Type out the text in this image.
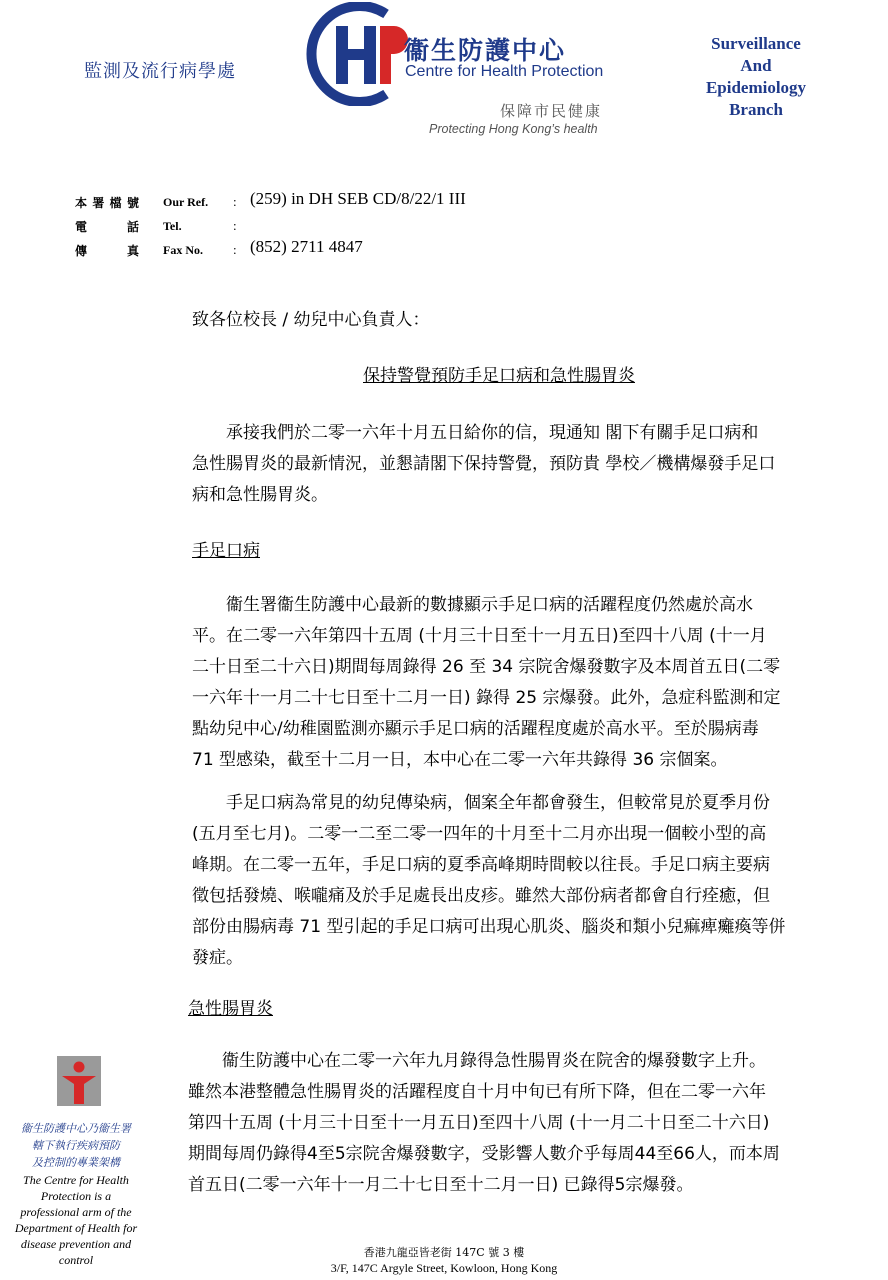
監測及流行病學處
衞生防護中心
Centre for Health Protection
保障市民健康
Protecting Hong Kong’s health
Surveillance
And
Epidemiology
Branch
本 署 檔 號 Our Ref. : (259) in DH SEB CD/8/22/1 III
電	話 Tel.	:
傳	真 Fax No. : (852) 2711 4847
致各位校長 / 幼兒中心負責人：
保持警覺預防手足口病和急性腸胃炎
　　承接我們於二零一六年十月五日給你的信，現通知 閣下有關手足口病和
急性腸胃炎的最新情況，並懇請閣下保持警覺，預防貴 學校／機構爆發手足口
病和急性腸胃炎。
手足口病
　　衞生署衞生防護中心最新的數據顯示手足口病的活躍程度仍然處於高水
平。在二零一六年第四十五周 (十月三十日至十一月五日)至四十八周 (十一月
二十日至二十六日)期間每周錄得 26 至 34 宗院舍爆發數字及本周首五日(二零
一六年十一月二十七日至十二月一日) 錄得 25 宗爆發。此外，急症科監測和定
點幼兒中心/幼稚園監測亦顯示手足口病的活躍程度處於高水平。至於腸病毒
71 型感染，截至十二月一日，本中心在二零一六年共錄得 36 宗個案。
　　手足口病為常見的幼兒傳染病，個案全年都會發生，但較常見於夏季月份
(五月至七月)。二零一二至二零一四年的十月至十二月亦出現一個較小型的高
峰期。在二零一五年，手足口病的夏季高峰期時間較以往長。手足口病主要病
徵包括發燒、喉嚨痛及於手足處長出皮疹。雖然大部份病者都會自行痊癒，但
部份由腸病毒 71 型引起的手足口病可出現心肌炎、腦炎和類小兒痲痺癱瘓等併
發症。
急性腸胃炎
　　衞生防護中心在二零一六年九月錄得急性腸胃炎在院舍的爆發數字上升。
雖然本港整體急性腸胃炎的活躍程度自十月中旬已有所下降，但在二零一六年
第四十五周 (十月三十日至十一月五日)至四十八周 (十一月二十日至二十六日)
期間每周仍錄得4至5宗院舍爆發數字，受影響人數介乎每周44至66人，而本周
首五日(二零一六年十一月二十七日至十二月一日) 已錄得5宗爆發。
衞生防護中心乃衞生署
轄下執行疾病預防
及控制的專業架構
The Centre for Health
Protection is a
professional arm of the
Department of Health for
disease prevention and
control
香港九龍亞皆老街 147C 號 3 樓
3/F, 147C Argyle Street, Kowloon, Hong Kong
